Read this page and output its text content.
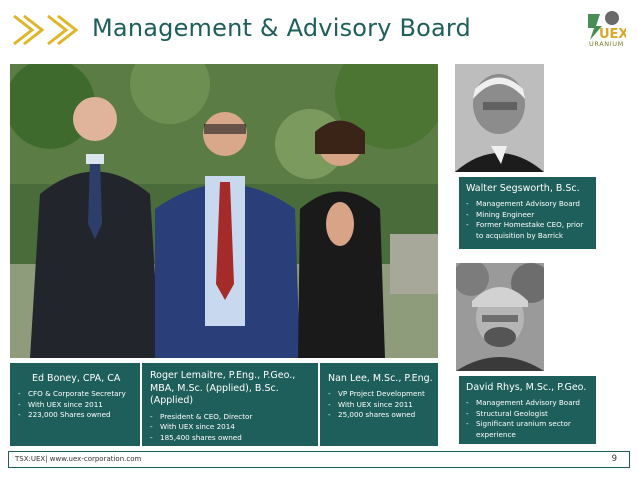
Management & Advisory Board	UEX
URANIUM
Walter Segsworth, B.Sc.
- Management Advisory Board
- Mining Engineer
- Former Homestake CEO, prior to acquisition by Barrick
Ed Boney, CPA, CA
- CFO & Corporate Secretary
- With UEX since 2011
- 223,000 Shares owned
Roger Lemaitre, P.Eng., P.Geo., MBA, M.Sc. (Applied), B.Sc. (Applied)
- President & CEO, Director
- With UEX since 2014
- 185,400 shares owned
Nan Lee, M.Sc., P.Eng.
- VP Project Development
- With UEX since 2011
- 25,000 shares owned
David Rhys, M.Sc., P.Geo.
- Management Advisory Board
- Structural Geologist
- Significant uranium sector experience
TSX:UEX| www.uex-corporation.com	9
